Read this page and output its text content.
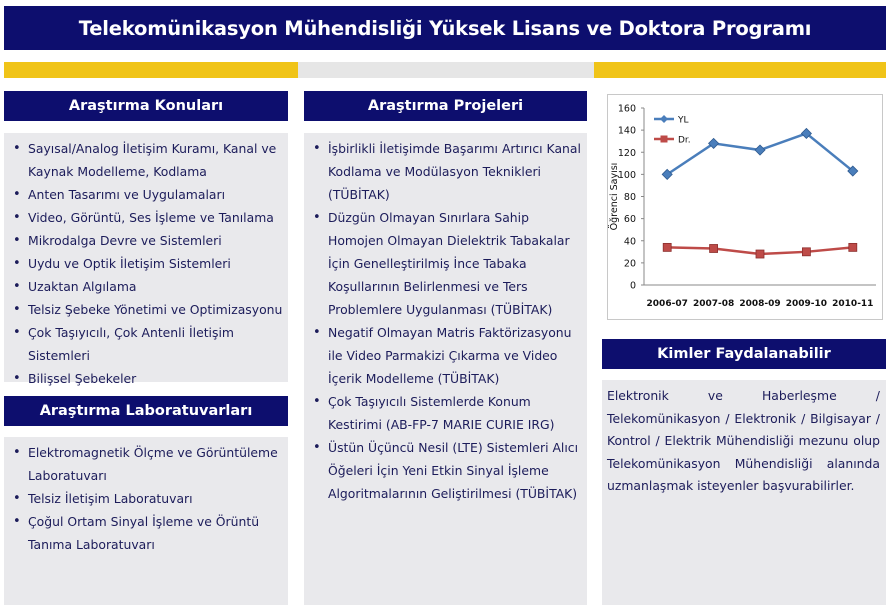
Telekomünikasyon Mühendisliği Yüksek Lisans ve Doktora Programı
Araştırma Konuları
• Sayısal/Analog İletişim Kuramı, Kanal ve Kaynak Modelleme, Kodlama
• Anten Tasarımı ve Uygulamaları
• Video, Görüntü, Ses İşleme ve Tanılama
• Mikrodalga Devre ve Sistemleri
• Uydu ve Optik İletişim Sistemleri
• Uzaktan Algılama
• Telsiz Şebeke Yönetimi ve Optimizasyonu
• Çok Taşıyıcılı, Çok Antenli İletişim Sistemleri
• Bilişsel Şebekeler
Araştırma Laboratuvarları
• Elektromagnetik Ölçme ve Görüntüleme Laboratuvarı
• Telsiz İletişim Laboratuvarı
• Çoğul Ortam Sinyal İşleme ve Örüntü Tanıma Laboratuvarı
Araştırma Projeleri
• İşbirlikli İletişimde Başarımı Artırıcı Kanal Kodlama ve Modülasyon Teknikleri (TÜBİTAK)
• Düzgün Olmayan Sınırlara Sahip Homojen Olmayan Dielektrik Tabakalar İçin Genelleştirilmiş İnce Tabaka Koşullarının Belirlenmesi ve Ters Problemlere Uygulanması (TÜBİTAK)
• Negatif Olmayan Matris Faktörizasyonu ile Video Parmakizi Çıkarma ve Video İçerik Modelleme (TÜBİTAK)
• Çok Taşıyıcılı Sistemlerde Konum Kestirimi (AB-FP-7 MARIE CURIE IRG)
• Üstün Üçüncü Nesil (LTE) Sistemleri Alıcı Öğeleri İçin Yeni Etkin Sinyal İşleme Algoritmalarının Geliştirilmesi (TÜBİTAK)
0
20
40
60
80
100
120
140
160
2006-07 2007-08 2008-09 2009-10 2010-11
Öğrenci Sayısı
YL
Dr.
Kimler Faydalanabilir

Elektronik ve Haberleşme / Telekomünikasyon / Elektronik / Bilgisayar / Kontrol / Elektrik Mühendisliği mezunu olup Telekomünikasyon Mühendisliği alanında uzmanlaşmak isteyenler başvurabilirler.
